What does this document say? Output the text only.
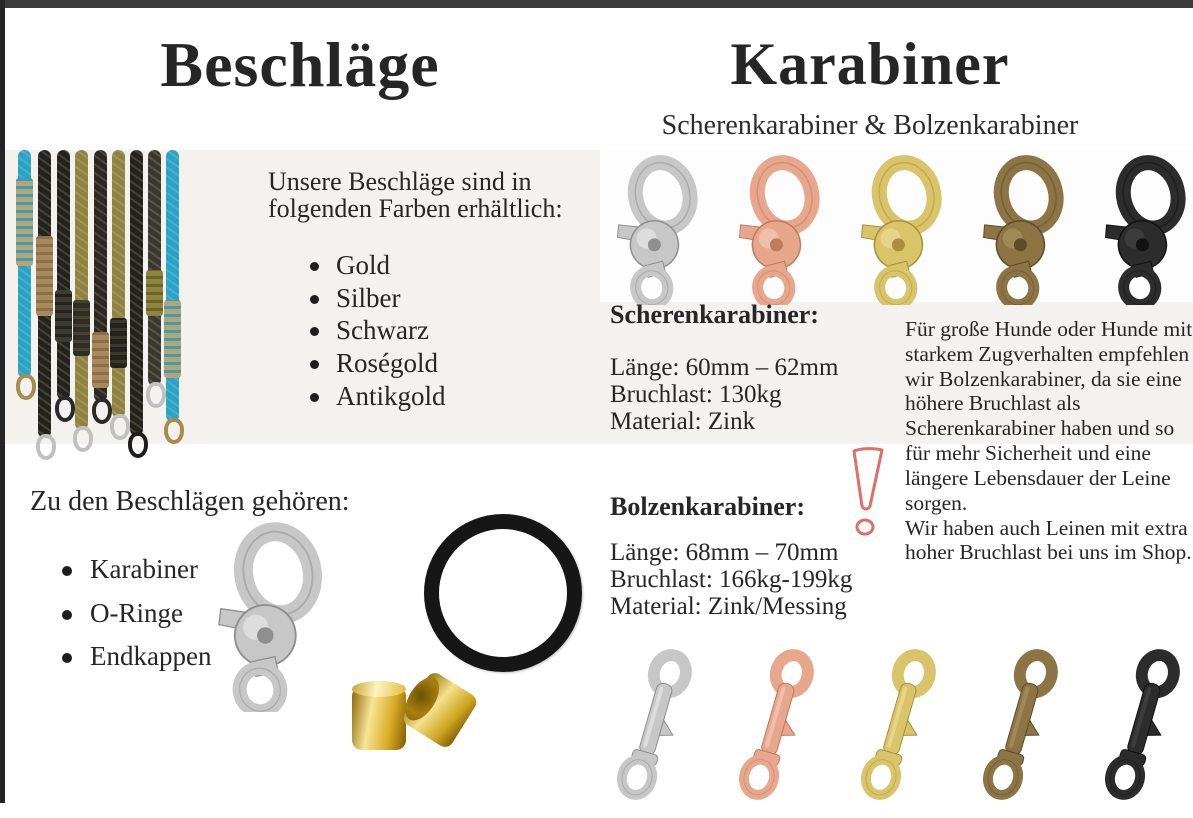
Beschläge
Unsere Beschläge sind in folgenden Farben erhältlich:
Gold
Silber
Schwarz
Roségold
Antikgold
Zu den Beschlägen gehören:
Karabiner
O-Ringe
Endkappen
Karabiner
Scherenkarabiner & Bolzenkarabiner
Scherenkarabiner:
Länge: 60mm – 62mm
Bruchlast: 130kg
Material: Zink
Bolzenkarabiner:
Länge: 68mm – 70mm
Bruchlast: 166kg-199kg
Material: Zink/Messing

Für große Hunde oder Hunde mit starkem Zugverhalten empfehlen wir Bolzenkarabiner, da sie eine höhere Bruchlast als Scherenkarabiner haben und so für mehr Sicherheit und eine längere Lebensdauer der Leine sorgen.

Wir haben auch Leinen mit extra hoher Bruchlast bei uns im Shop.
